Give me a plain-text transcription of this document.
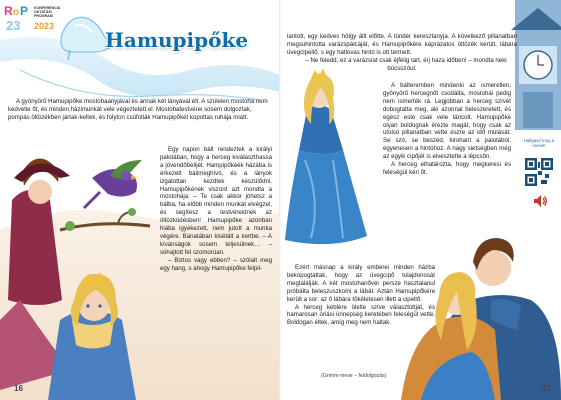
R o P
23
KONFERENCIA
OKTATÁSI
PROGRAM
2023
Hamupipőke

A gyönyörű Hamupipőke mostohaanyjával és annak két lányával élt. A szülelen mostoha nem kedvelte őt, és minden házimunkát vele végeztetett el. Mostohatestvérei sosem dolgoztak, pompás öltözékben jártak-keltek, és folyton csúfolták Hamupipőkét kopottas ruhája miatt.

Egy napon bált rendeztek a királyi palotában, hogy a herceg kiválaszthassa a jövendőbelijét. Hampipőkéék házába is érkezett bálimeghívó, és a lányok izgatottan kezdtek készülődni. Hamupipőkének viszont azt mondta a mostohája: – Te csak akkor jöhetsz a bálba, ha előbb minden munkát elvégzel, és segítesz a testvéreidnek az öltözködésben! Hamupipőke azonban hiába igyekezett, nem jutott a munka végére. Bánatában kisétált a kertbe. – A kívánságok sosem teljesülnek… – sóhajtott fel szomorúan.

– Biztos vagy ebben? – szólalt meg egy hang, s ahogy Hamupipőke felpil-

16

lantott, egy kedves hölgy állt előtte. A tündér keresztanyja. A következő pillanatban megsuhintotta varázspálcáját, és Hamupipőkére káprázatos öltözék került, lábára üvegcipellő, s egy hatlovas hintó is ott termett.

– Ne feledd, ez a varázslat csak éjfélig tart, érj haza időben! – mondta neki búcsúzóul.

A bálteremben mindenki az ismeretlen, gyönyörű hercegnőt csodálta, mostohái pedig nem ismerték rá. Legjobban a herceg szívét dobogtatta meg, aki azonnal beleszeretett, és egész este csak vele táncolt. Hamupipőke olyan boldognak érezte magát, hogy csak az utolsó pillanatban vette észre az idő múlását. Se szó, se beszéd, kirohant a palotából, egyenesen a hintóhoz. A nagy sietségben még az egyik cipőjét is elvesztette a lépcsőn.

A herceg elhatározta, hogy megkeresi és feleségül kéri őt.

Ezért másnap a király emberei minden házba bekopogtattak, hogy az üvegcipő tulajdonosát megtalálják. A két mostohanővér persze hasztalanul próbálta beleszuszkolni a lábát. Aztán Hamupipőkére került a sor: az ő lábára tökéletesen illett a cipellő.

A herceg keblére ölelte szíve választottját, és hamarosan óriási ünnepség keretében feleségül vette. Boldogan éltek, amíg meg nem haltak.

Hallgasd meg a mesét!
(Grimm-mese – feldolgozás)
17
